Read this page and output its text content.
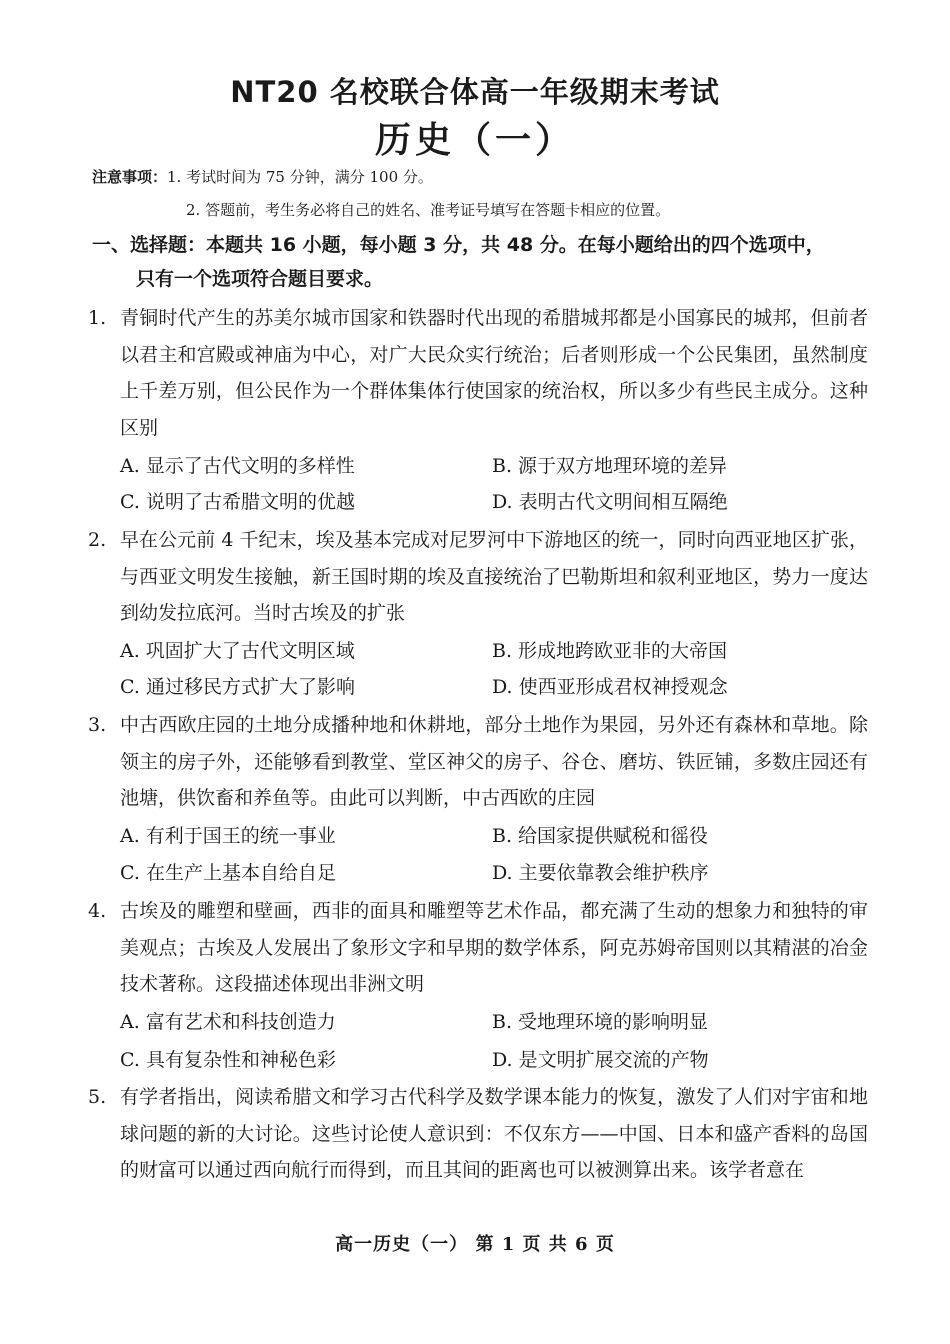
NT20 名校联合体高一年级期末考试
历史（一）
注意事项：1. 考试时间为 75 分钟，满分 100 分。
2. 答题前，考生务必将自己的姓名、准考证号填写在答题卡相应的位置。
一、选择题：本题共 16 小题，每小题 3 分，共 48 分。在每小题给出的四个选项中，
只有一个选项符合题目要求。
1. 青铜时代产生的苏美尔城市国家和铁器时代出现的希腊城邦都是小国寡民的城邦，但前者以君主和宫殿或神庙为中心，对广大民众实行统治；后者则形成一个公民集团，虽然制度上千差万别，但公民作为一个群体集体行使国家的统治权，所以多少有些民主成分。这种区别
A. 显示了古代文明的多样性	B. 源于双方地理环境的差异
C. 说明了古希腊文明的优越	D. 表明古代文明间相互隔绝
2. 早在公元前 4 千纪末，埃及基本完成对尼罗河中下游地区的统一，同时向西亚地区扩张，与西亚文明发生接触，新王国时期的埃及直接统治了巴勒斯坦和叙利亚地区，势力一度达到幼发拉底河。当时古埃及的扩张
A. 巩固扩大了古代文明区域	B. 形成地跨欧亚非的大帝国
C. 通过移民方式扩大了影响	D. 使西亚形成君权神授观念
3. 中古西欧庄园的土地分成播种地和休耕地，部分土地作为果园，另外还有森林和草地。除领主的房子外，还能够看到教堂、堂区神父的房子、谷仓、磨坊、铁匠铺，多数庄园还有池塘，供饮畜和养鱼等。由此可以判断，中古西欧的庄园
A. 有利于国王的统一事业	B. 给国家提供赋税和徭役
C. 在生产上基本自给自足	D. 主要依靠教会维护秩序
4. 古埃及的雕塑和壁画，西非的面具和雕塑等艺术作品，都充满了生动的想象力和独特的审美观点；古埃及人发展出了象形文字和早期的数学体系，阿克苏姆帝国则以其精湛的冶金技术著称。这段描述体现出非洲文明
A. 富有艺术和科技创造力	B. 受地理环境的影响明显
C. 具有复杂性和神秘色彩	D. 是文明扩展交流的产物
5. 有学者指出，阅读希腊文和学习古代科学及数学课本能力的恢复，激发了人们对宇宙和地球问题的新的大讨论。这些讨论使人意识到：不仅东方——中国、日本和盛产香料的岛国的财富可以通过西向航行而得到，而且其间的距离也可以被测算出来。该学者意在
高一历史（一） 第 1 页 共 6 页
